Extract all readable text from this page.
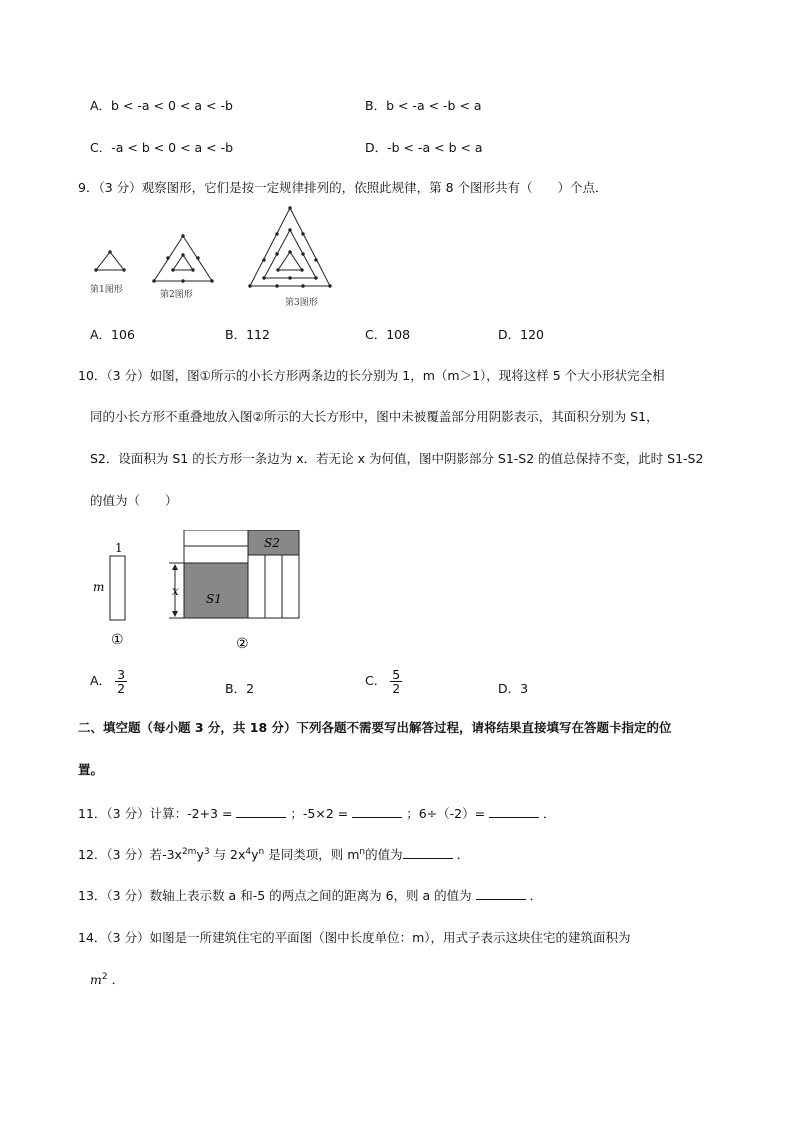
A．b < -a < 0 < a < -b	B．b < -a < -b < a
C．-a < b < 0 < a < -b	D．-b < -a < b < a
9．（3 分）观察图形，它们是按一定规律排列的，依照此规律，第 8 个图形共有（　　）个点．
第1图形	第2图形
第3图形
A．106	B．112	C．108	D．120
10．（3 分）如图，图①所示的小长方形两条边的长分别为 1，m（m＞1），现将这样 5 个大小形状完全相
同的小长方形不重叠地放入图②所示的大长方形中，图中未被覆盖部分用阴影表示，其面积分别为 S1，
S2．设面积为 S1 的长方形一条边为 x．若无论 x 为何值，图中阴影部分 S1-S2 的值总保持不变，此时 S1-S2
的值为（　　）
1
m
①
x
S1
S2
②
A． $\frac{3}{2}$	B．2
C． $\frac{5}{2}$	D．3
二、填空题（每小题 3 分，共 18 分）下列各题不需要写出解答过程，请将结果直接填写在答题卡指定的位
置。
11．（3 分）计算：-2+3 =	；-5×2 =	；6÷（-2）=	．
12．（3 分）若$-3x^{2m}y^3$ 与 $2x^4y^n$ 是同类项，则 $m^n$的值为	．
13．（3 分）数轴上表示数 a 和-5 的两点之间的距离为 6，则 a 的值为	．
14．（3 分）如图是一所建筑住宅的平面图（图中长度单位：m），用式子表示这块住宅的建筑面积为
$m^2$ ．
